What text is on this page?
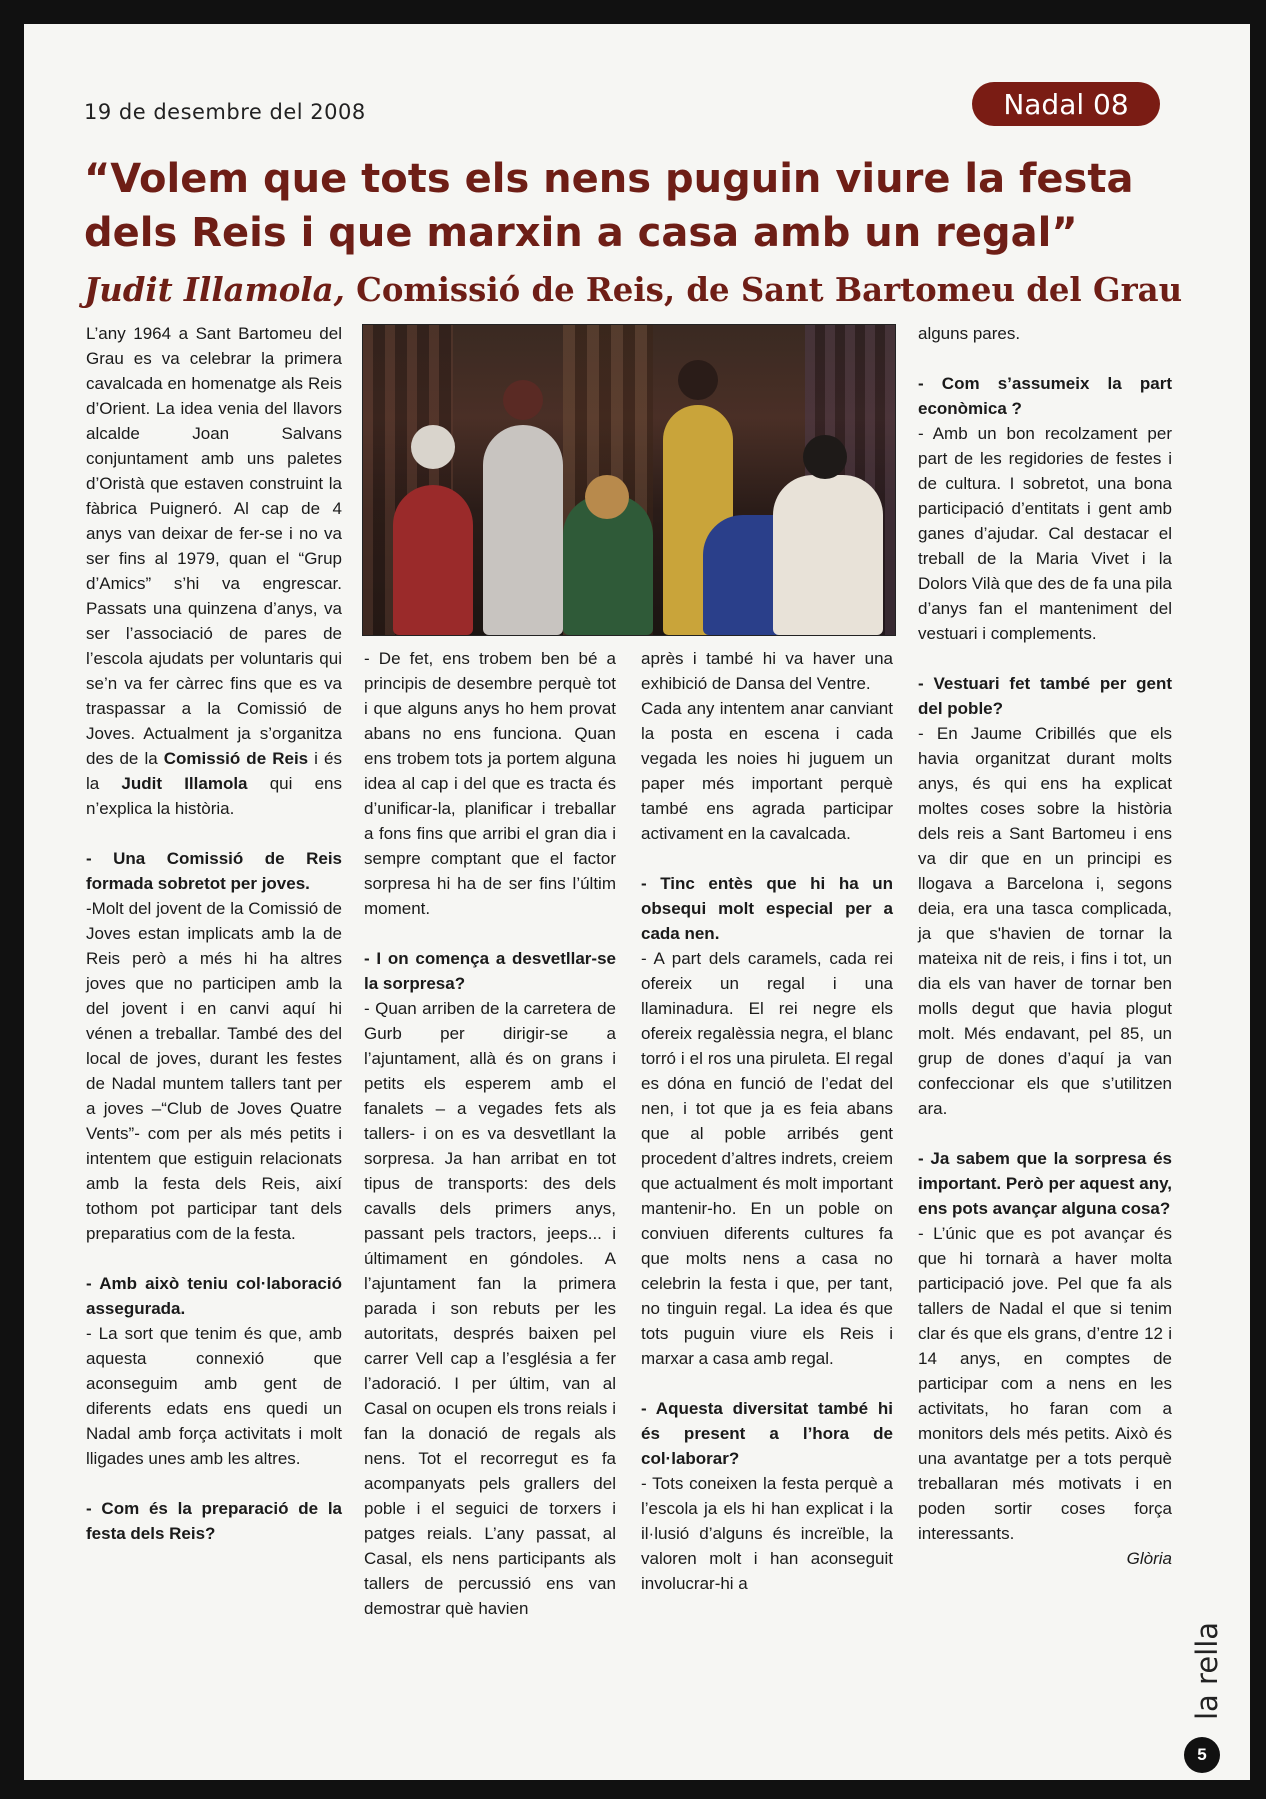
19 de desembre del 2008	Nadal 08
“Volem que tots els nens puguin viure la festa dels Reis i que marxin a casa amb un regal”
Judit Illamola, Comissió de Reis, de Sant Bartomeu del Grau

L’any 1964 a Sant Bartomeu del Grau es va celebrar la primera cavalcada en homenatge als Reis d’Orient. La idea venia del llavors alcalde Joan Salvans conjuntament amb uns paletes d’Oristà que estaven construint la fàbrica Puigneró. Al cap de 4 anys van deixar de fer-se i no va ser fins al 1979, quan el “Grup d’Amics” s’hi va engrescar. Passats una quinzena d’anys, va ser l’associació de pares de l’escola ajudats per voluntaris qui se’n va fer càrrec fins que es va traspassar a la Comissió de Joves. Actualment ja s’organitza des de la Comissió de Reis i és la Judit Illamola qui ens n’explica la història.

- Una Comissió de Reis formada sobretot per joves.

-Molt del jovent de la Comissió de Joves estan implicats amb la de Reis però a més hi ha altres joves que no participen amb la del jovent i en canvi aquí hi vénen a treballar. També des del local de joves, durant les festes de Nadal muntem tallers tant per a joves –“Club de Joves Quatre Vents”- com per als més petits i intentem que estiguin relacionats amb la festa dels Reis, així tothom pot participar tant dels preparatius com de la festa.

- Amb això teniu col·laboració assegurada.

- La sort que tenim és que, amb aquesta connexió que aconseguim amb gent de diferents edats ens quedi un Nadal amb força activitats i molt lligades unes amb les altres.

- Com és la preparació de la festa dels Reis?

- De fet, ens trobem ben bé a principis de desembre perquè tot i que alguns anys ho hem provat abans no ens funciona. Quan ens trobem tots ja portem alguna idea al cap i del que es tracta és d’unificar-la, planificar i treballar a fons fins que arribi el gran dia i sempre comptant que el factor sorpresa hi ha de ser fins l’últim moment.

- I on comença a desvetllar-se la sorpresa?

- Quan arriben de la carretera de Gurb per dirigir-se a l’ajuntament, allà és on grans i petits els esperem amb el fanalets – a vegades fets als tallers- i on es va desvetllant la sorpresa. Ja han arribat en tot tipus de transports: des dels cavalls dels primers anys, passant pels tractors, jeeps... i últimament en góndoles. A l’ajuntament fan la primera parada i son rebuts per les autoritats, després baixen pel carrer Vell cap a l’església a fer l’adoració. I per últim, van al Casal on ocupen els trons reials i fan la donació de regals als nens. Tot el recorregut es fa acompanyats pels grallers del poble i el seguici de torxers i patges reials. L’any passat, al Casal, els nens participants als tallers de percussió ens van demostrar què havien

après i també hi va haver una exhibició de Dansa del Ventre.

Cada any intentem anar canviant la posta en escena i cada vegada les noies hi juguem un paper més important perquè també ens agrada participar activament en la cavalcada.

- Tinc entès que hi ha un obsequi molt especial per a cada nen.

- A part dels caramels, cada rei ofereix un regal i una llaminadura. El rei negre els ofereix regalèssia negra, el blanc torró i el ros una piruleta. El regal es dóna en funció de l’edat del nen, i tot que ja es feia abans que al poble arribés gent procedent d’altres indrets, creiem que actualment és molt important mantenir-ho. En un poble on conviuen diferents cultures fa que molts nens a casa no celebrin la festa i que, per tant, no tinguin regal. La idea és que tots puguin viure els Reis i marxar a casa amb regal.

- Aquesta diversitat també hi és present a l’hora de col·laborar?

- Tots coneixen la festa perquè a l’escola ja els hi han explicat i la il·lusió d’alguns és increïble, la valoren molt i han aconseguit involucrar-hi a

alguns pares.

- Com s’assumeix la part econòmica ?

- Amb un bon recolzament per part de les regidories de festes i de cultura. I sobretot, una bona participació d’entitats i gent amb ganes d’ajudar. Cal destacar el treball de la Maria Vivet i la Dolors Vilà que des de fa una pila d’anys fan el manteniment del vestuari i complements.

- Vestuari fet també per gent del poble?

- En Jaume Cribillés que els havia organitzat durant molts anys, és qui ens ha explicat moltes coses sobre la història dels reis a Sant Bartomeu i ens va dir que en un principi es llogava a Barcelona i, segons deia, era una tasca complicada, ja que s'havien de tornar la mateixa nit de reis, i fins i tot, un dia els van haver de tornar ben molls degut que havia plogut molt. Més endavant, pel 85, un grup de dones d’aquí ja van confeccionar els que s’utilitzen ara.

- Ja sabem que la sorpresa és important. Però per aquest any, ens pots avançar alguna cosa?

- L’únic que es pot avançar és que hi tornarà a haver molta participació jove. Pel que fa als tallers de Nadal el que si tenim clar és que els grans, d’entre 12 i 14 anys, en comptes de participar com a nens en les activitats, ho faran com a monitors dels més petits. Això és una avantatge per a tots perquè treballaran més motivats i en poden sortir coses força interessants.

Glòria

la rella
5
